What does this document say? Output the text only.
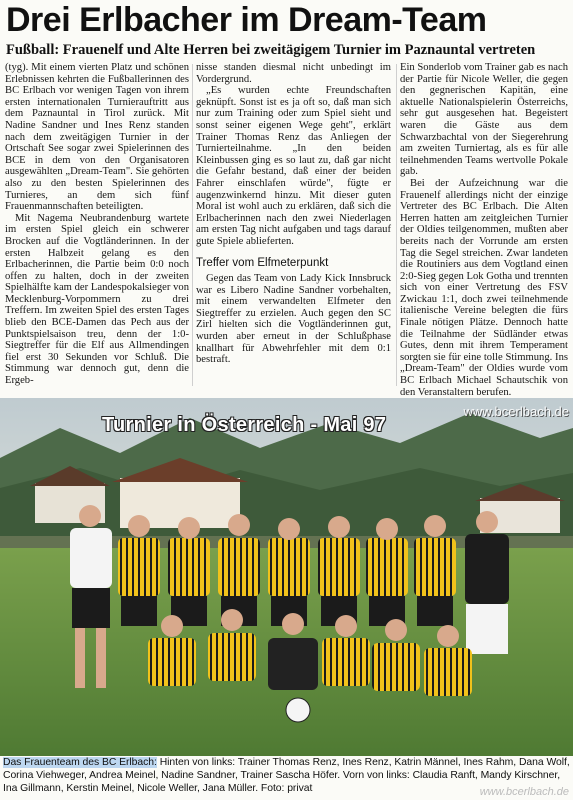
Drei Erlbacher im Dream-Team
Fußball: Frauenelf und Alte Herren bei zweitägigem Turnier im Paznauntal vertreten

(tyg). Mit einem vierten Platz und schönen Erlebnissen kehrten die Fußballerinnen des BC Erlbach vor wenigen Tagen von ihrem ersten internationalen Turnierauftritt aus dem Paznauntal in Tirol zurück. Mit Nadine Sandner und Ines Renz standen nach dem zweitägigen Turnier in der Ortschaft See sogar zwei Spielerinnen des BCE in dem von den Organisatoren ausgewählten „Dream-Team". Sie gehörten also zu den besten Spielerinnen des Turnieres, an dem sich fünf Frauenmannschaften beteiligten.

Mit Nagema Neubrandenburg wartete im ersten Spiel gleich ein schwerer Brocken auf die Vogtländerinnen. In der ersten Halbzeit gelang es den Erlbacherinnen, die Partie beim 0:0 noch offen zu halten, doch in der zweiten Spielhälfte kam der Landespokalsieger von Mecklenburg-Vorpommern zu drei Treffern. Im zweiten Spiel des ersten Tages blieb den BCE-Damen das Pech aus der Punktspielsaison treu, denn der 1:0-Siegtreffer für die Elf aus Allmendingen fiel erst 30 Sekunden vor Schluß. Die Stimmung war dennoch gut, denn die Ergeb-

nisse standen diesmal nicht unbedingt im Vordergrund.

„Es wurden echte Freundschaften geknüpft. Sonst ist es ja oft so, daß man sich nur zum Training oder zum Spiel sieht und sonst seiner eigenen Wege geht", erklärt Trainer Thomas Renz das Anliegen der Turnierteilnahme. „In den beiden Kleinbussen ging es so laut zu, daß gar nicht die Gefahr bestand, daß einer der beiden Fahrer einschlafen würde", fügte er augenzwinkernd hinzu. Mit dieser guten Moral ist wohl auch zu erklären, daß sich die Erlbacherinnen nach den zwei Niederlagen am ersten Tag nicht aufgaben und tags darauf gute Spiele ablieferten.

Treffer vom Elfmeterpunkt

Gegen das Team von Lady Kick Innsbruck war es Libero Nadine Sandner vorbehalten, mit einem verwandelten Elfmeter den Siegtreffer zu erzielen. Auch gegen den SC Zirl hielten sich die Vogtländerinnen gut, wurden aber erneut in der Schlußphase knallhart für Abwehrfehler mit dem 0:1 bestraft.

Ein Sonderlob vom Trainer gab es nach der Partie für Nicole Weller, die gegen den gegnerischen Kapitän, eine aktuelle Nationalspielerin Österreichs, sehr gut ausgesehen hat. Begeistert waren die Gäste aus dem Schwarzbachtal von der Siegerehrung am zweiten Turniertag, als es für alle teilnehmenden Teams wertvolle Pokale gab.

Bei der Aufzeichnung war die Frauenelf allerdings nicht der einzige Vertreter des BC Erlbach. Die Alten Herren hatten am zeitgleichen Turnier der Oldies teilgenommen, mußten aber bereits nach der Vorrunde am ersten Tag die Segel streichen. Zwar landeten die Routiniers aus dem Vogtland einen 2:0-Sieg gegen Lok Gotha und trennten sich von einer Vertretung des FSV Zwickau 1:1, doch zwei teilnehmende italienische Vereine belegten die fürs Finale nötigen Plätze. Dennoch hatte die Teilnahme der Südländer etwas Gutes, denn mit ihrem Temperament sorgten sie für eine tolle Stimmung. Ins „Dream-Team" der Oldies wurde vom BC Erlbach Michael Schautschik von den Veranstaltern berufen.

Turnier in Österreich - Mai 97
www.bcerlbach.de
Das Frauenteam des BC Erlbach: Hinten von links: Trainer Thomas Renz, Ines Renz, Katrin Männel, Ines Rahm, Dana Wolf, Corina Viehweger, Andrea Meinel, Nadine Sandner, Trainer Sascha Höfer. Vorn von links: Claudia Ranft, Mandy Kirschner, Ina Gillmann, Kerstin Meinel, Nicole Weller, Jana Müller. Foto: privat	www.bcerlbach.de
